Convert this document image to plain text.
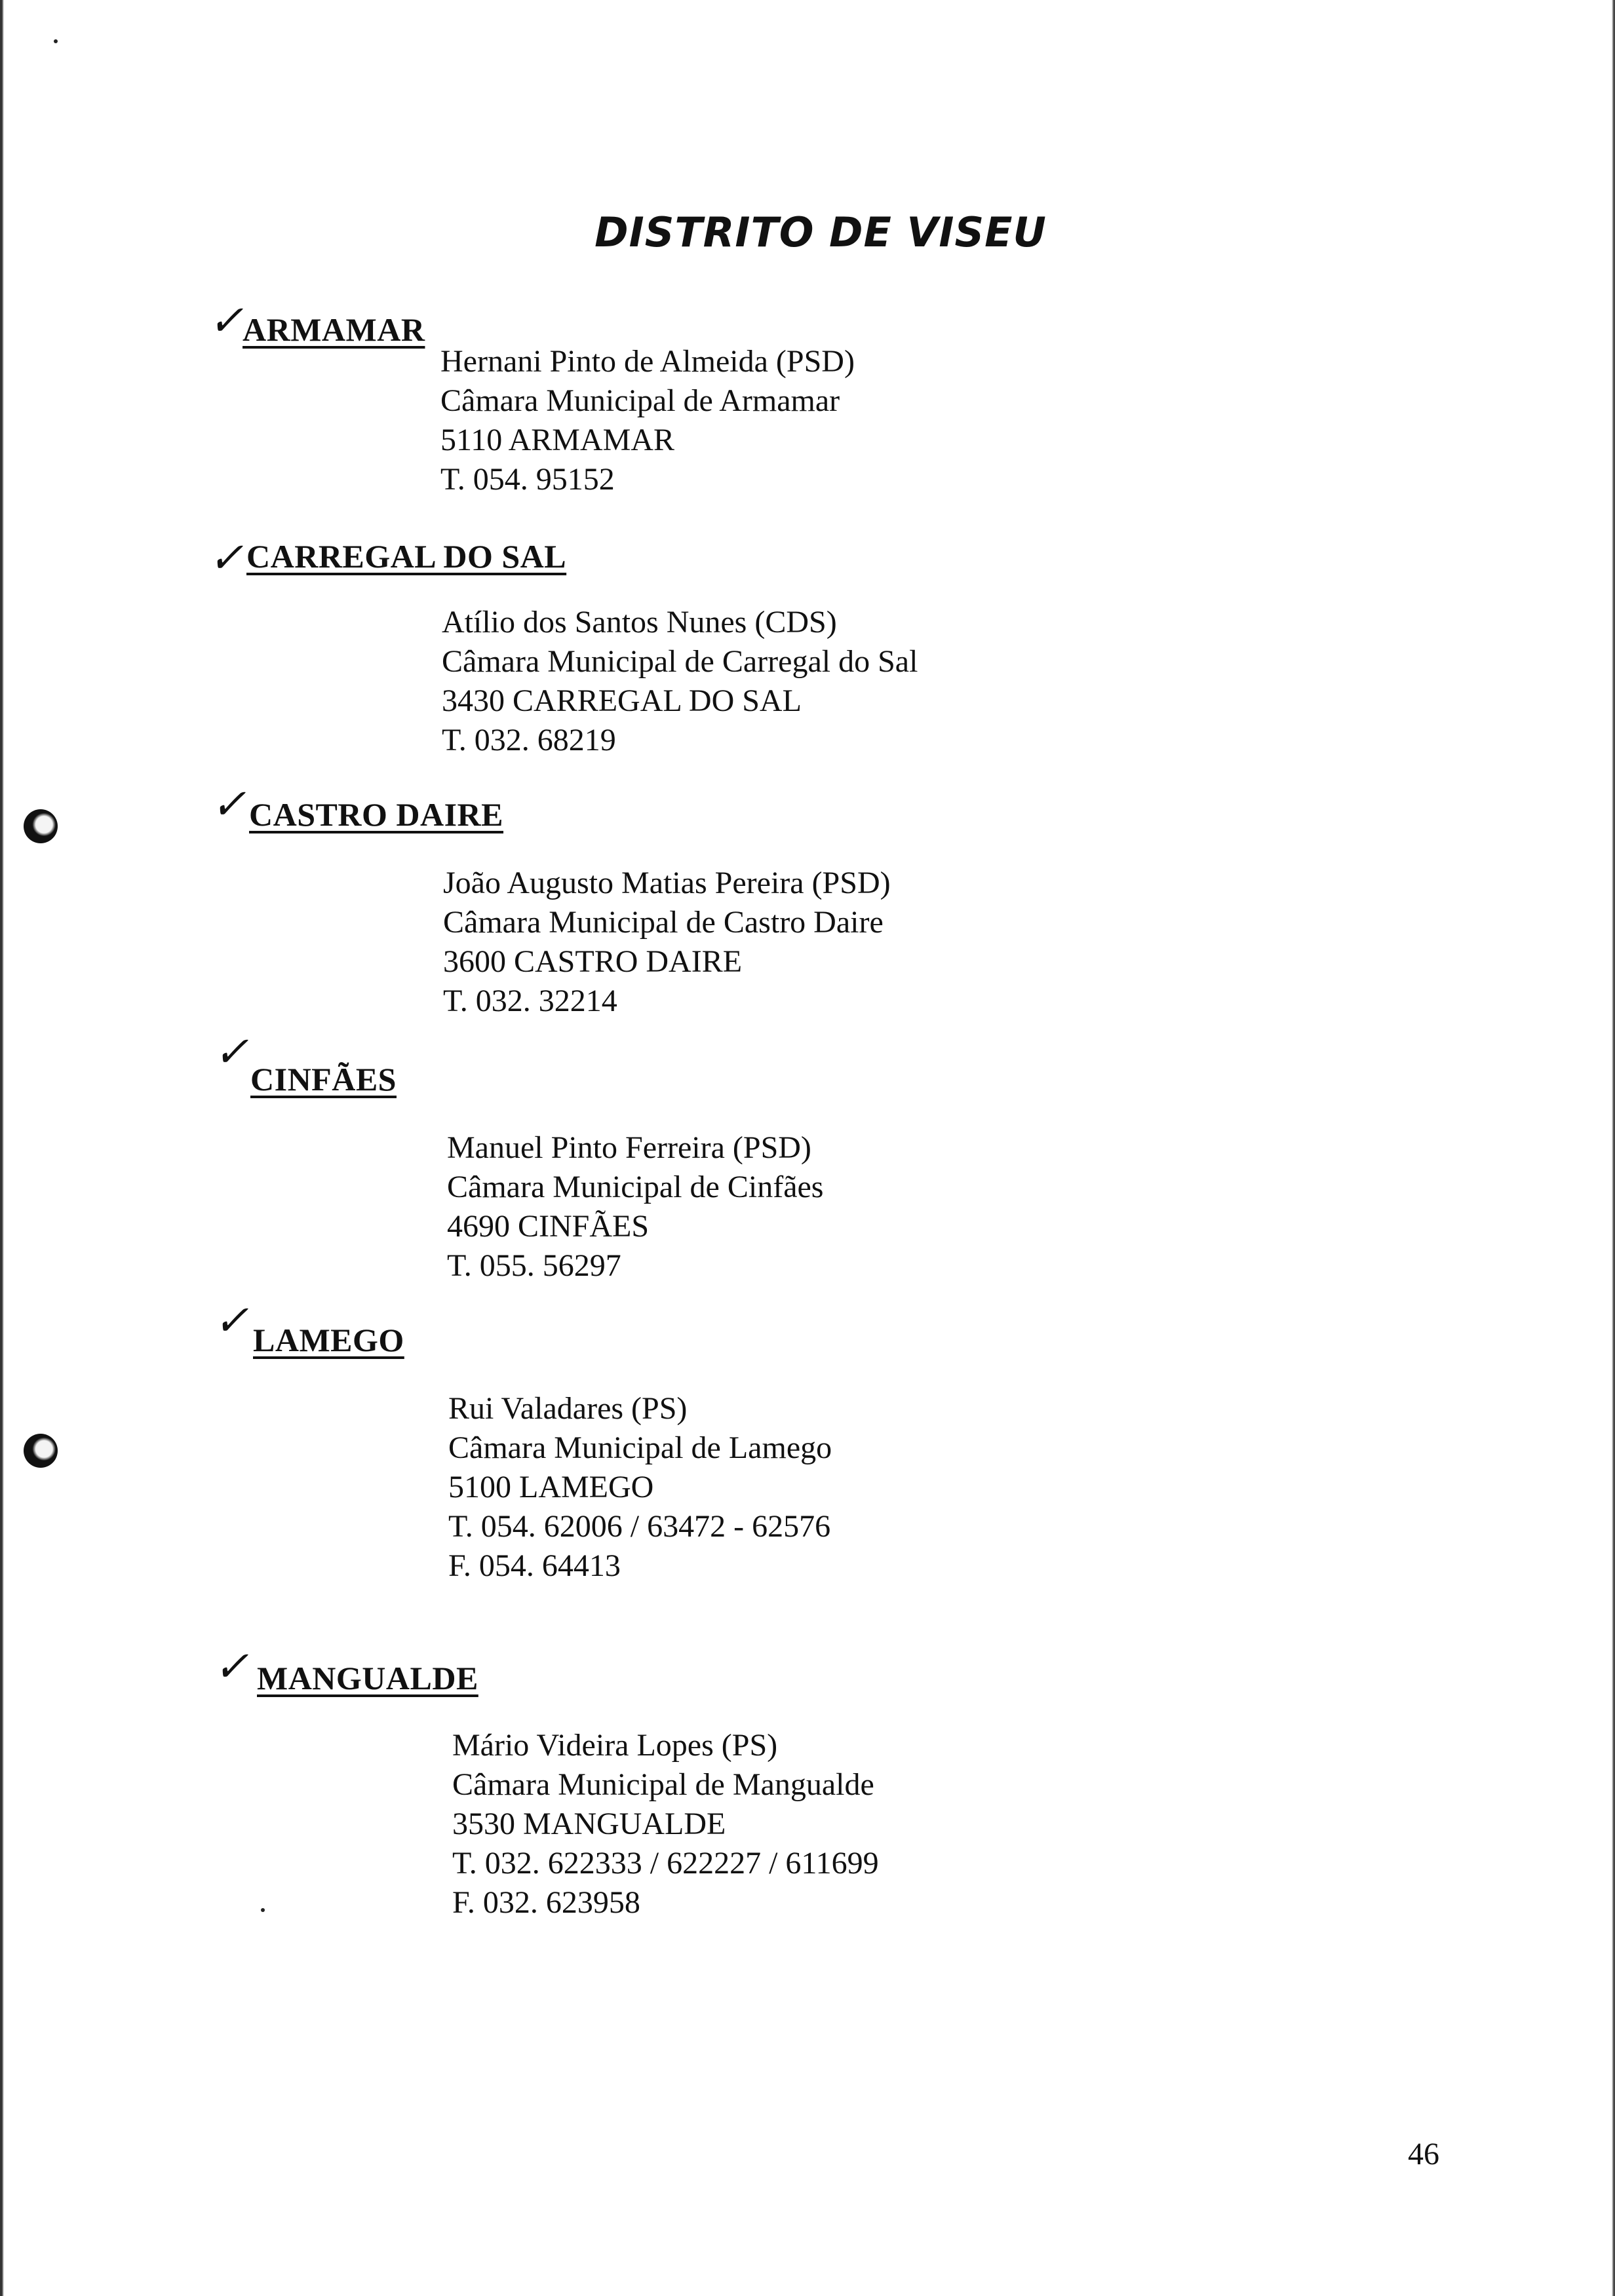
DISTRITO DE VISEU
✓
ARMAMAR
Hernani Pinto de Almeida (PSD)
Câmara Municipal de Armamar
5110 ARMAMAR
T. 054. 95152
✓ CARREGAL DO SAL
Atílio dos Santos Nunes (CDS)
Câmara Municipal de Carregal do Sal
3430 CARREGAL DO SAL
T. 032. 68219
✓ CASTRO DAIRE
João Augusto Matias Pereira (PSD)
Câmara Municipal de Castro Daire
3600 CASTRO DAIRE
T. 032. 32214
✓
CINFÃES
Manuel Pinto Ferreira (PSD)
Câmara Municipal de Cinfães
4690 CINFÃES
T. 055. 56297
✓ LAMEGO
Rui Valadares (PS)
Câmara Municipal de Lamego
5100 LAMEGO
T. 054. 62006 / 63472 - 62576
F. 054. 64413
✓ MANGUALDE
Mário Videira Lopes (PS)
Câmara Municipal de Mangualde
3530 MANGUALDE
T. 032. 622333 / 622227 / 611699
F. 032. 623958
46
